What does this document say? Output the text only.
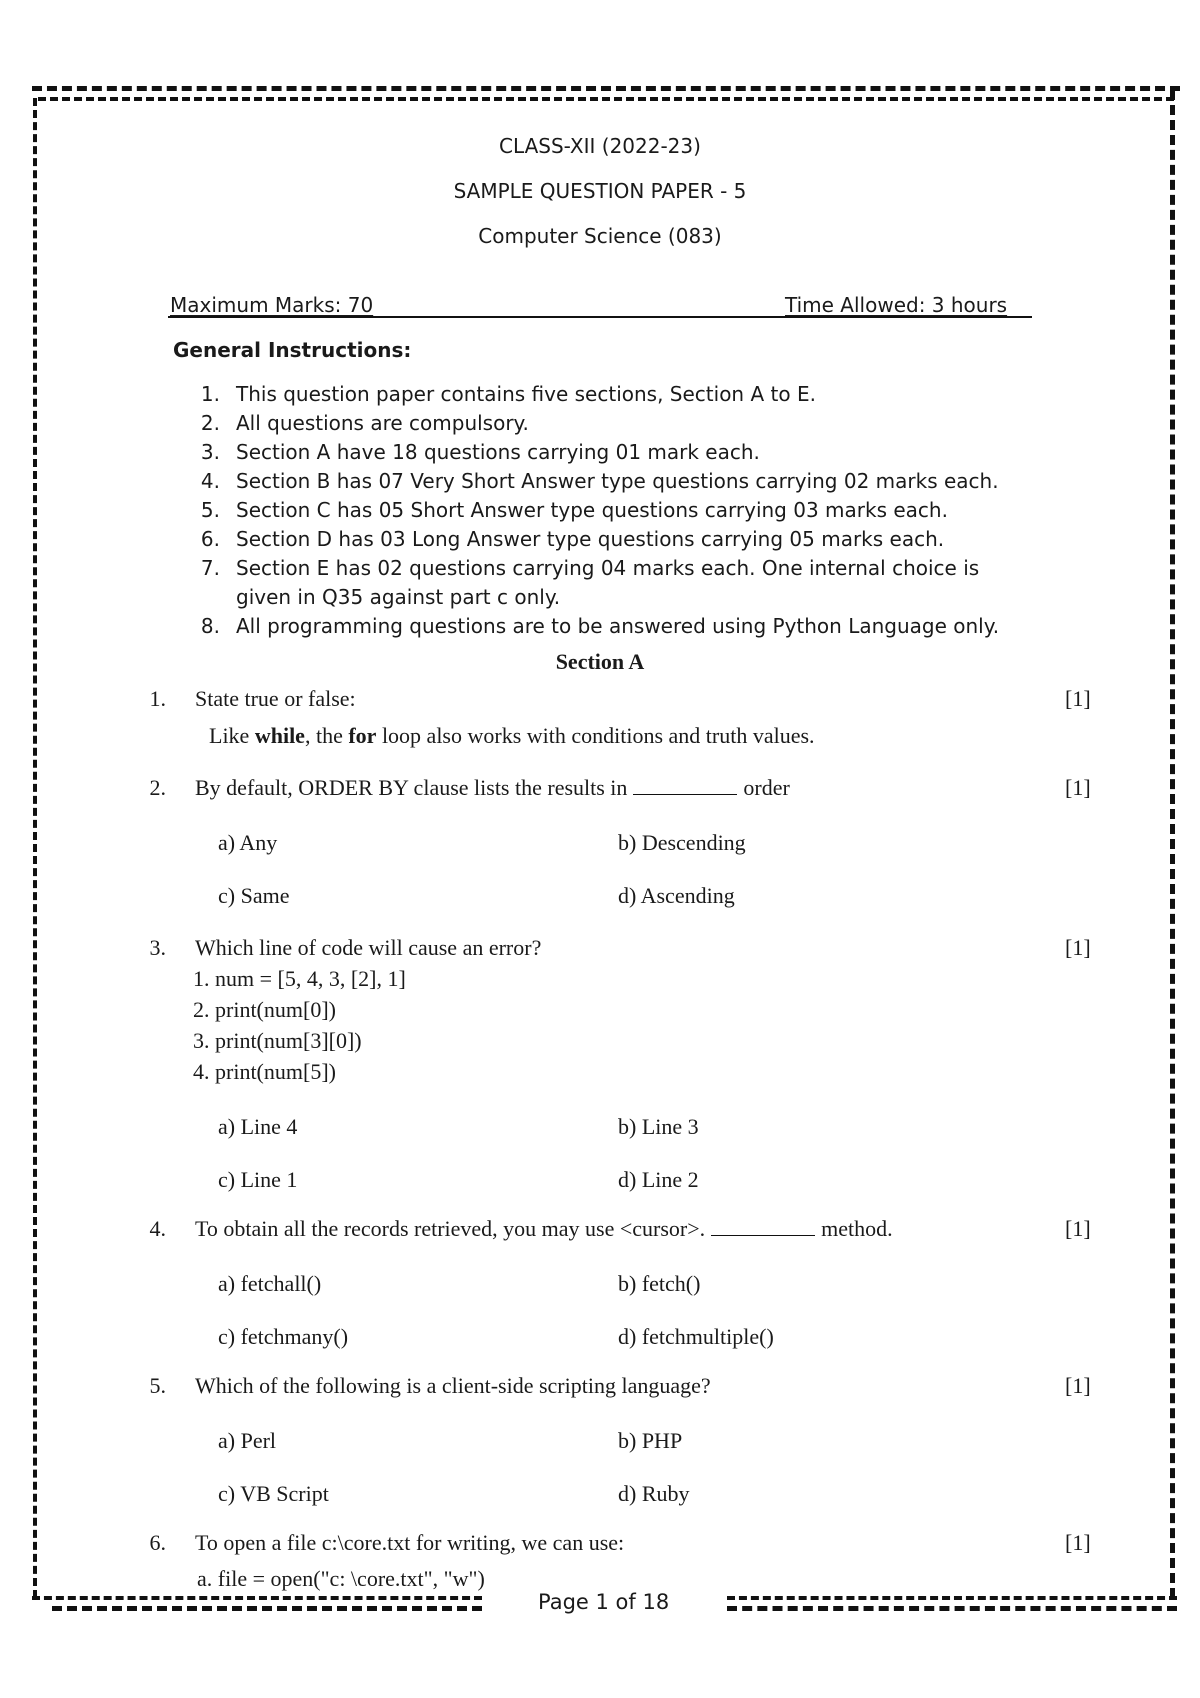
CLASS-XII (2022-23)
SAMPLE QUESTION PAPER - 5
Computer Science (083)
Maximum Marks: 70	Time Allowed: 3 hours
General Instructions:
1. This question paper contains five sections, Section A to E.
2. All questions are compulsory.
3. Section A have 18 questions carrying 01 mark each.
4. Section B has 07 Very Short Answer type questions carrying 02 marks each.
5. Section C has 05 Short Answer type questions carrying 03 marks each.
6. Section D has 03 Long Answer type questions carrying 05 marks each.
7. Section E has 02 questions carrying 04 marks each. One internal choice is
given in Q35 against part c only.
8. All programming questions are to be answered using Python Language only.
Section A
1. State true or false:	[1]
Like while, the for loop also works with conditions and truth values.
2. By default, ORDER BY clause lists the results in	order	[1]
a) Any	b) Descending
c) Same	d) Ascending
3. Which line of code will cause an error?	[1]
1. num = [5, 4, 3, [2], 1]
2. print(num[0])
3. print(num[3][0])
4. print(num[5])
a) Line 4	b) Line 3
c) Line 1	d) Line 2
4. To obtain all the records retrieved, you may use <cursor>.	method.	[1]
a) fetchall()	b) fetch()
c) fetchmany()	d) fetchmultiple()
5. Which of the following is a client-side scripting language?	[1]
a) Perl	b) PHP
c) VB Script	d) Ruby
6. To open a file c:\core.txt for writing, we can use:	[1]
a. file = open("c: \core.txt", "w")
Page 1 of 18
